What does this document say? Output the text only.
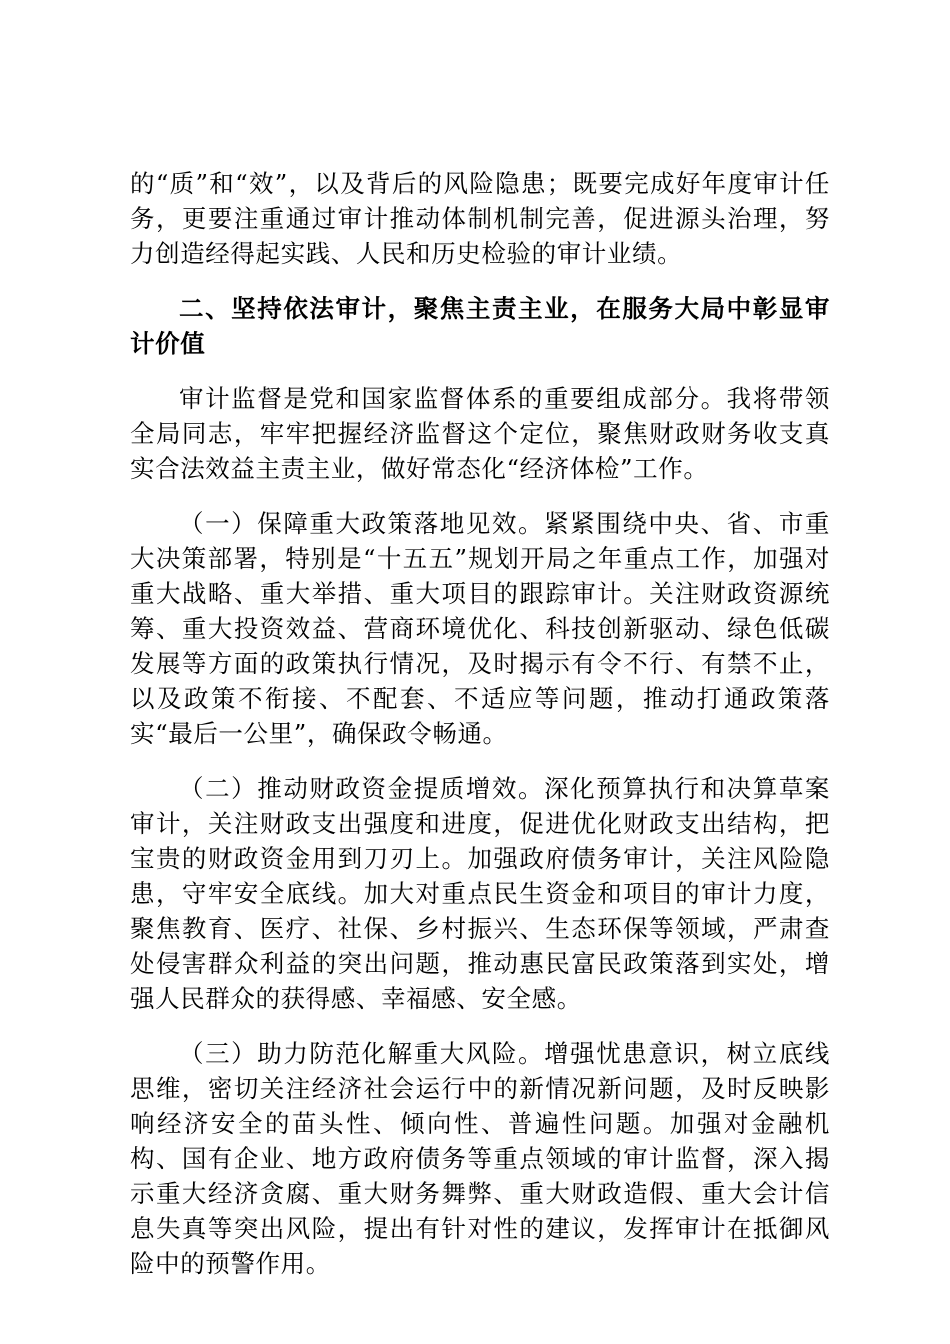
的“质”和“效”，以及背后的风险隐患；既要完成好年度审计任务，更要注重通过审计推动体制机制完善，促进源头治理，努力创造经得起实践、人民和历史检验的审计业绩。

二、坚持依法审计，聚焦主责主业，在服务大局中彰显审计价值

审计监督是党和国家监督体系的重要组成部分。我将带领全局同志，牢牢把握经济监督这个定位，聚焦财政财务收支真实合法效益主责主业，做好常态化“经济体检”工作。

（一）保障重大政策落地见效。紧紧围绕中央、省、市重大决策部署，特别是“十五五”规划开局之年重点工作，加强对重大战略、重大举措、重大项目的跟踪审计。关注财政资源统筹、重大投资效益、营商环境优化、科技创新驱动、绿色低碳发展等方面的政策执行情况，及时揭示有令不行、有禁不止，以及政策不衔接、不配套、不适应等问题，推动打通政策落实“最后一公里”，确保政令畅通。

（二）推动财政资金提质增效。深化预算执行和决算草案审计，关注财政支出强度和进度，促进优化财政支出结构，把宝贵的财政资金用到刀刃上。加强政府债务审计，关注风险隐患，守牢安全底线。加大对重点民生资金和项目的审计力度，聚焦教育、医疗、社保、乡村振兴、生态环保等领域，严肃查处侵害群众利益的突出问题，推动惠民富民政策落到实处，增强人民群众的获得感、幸福感、安全感。

（三）助力防范化解重大风险。增强忧患意识，树立底线思维，密切关注经济社会运行中的新情况新问题，及时反映影响经济安全的苗头性、倾向性、普遍性问题。加强对金融机构、国有企业、地方政府债务等重点领域的审计监督，深入揭示重大经济贪腐、重大财务舞弊、重大财政造假、重大会计信息失真等突出风险，提出有针对性的建议，发挥审计在抵御风险中的预警作用。
